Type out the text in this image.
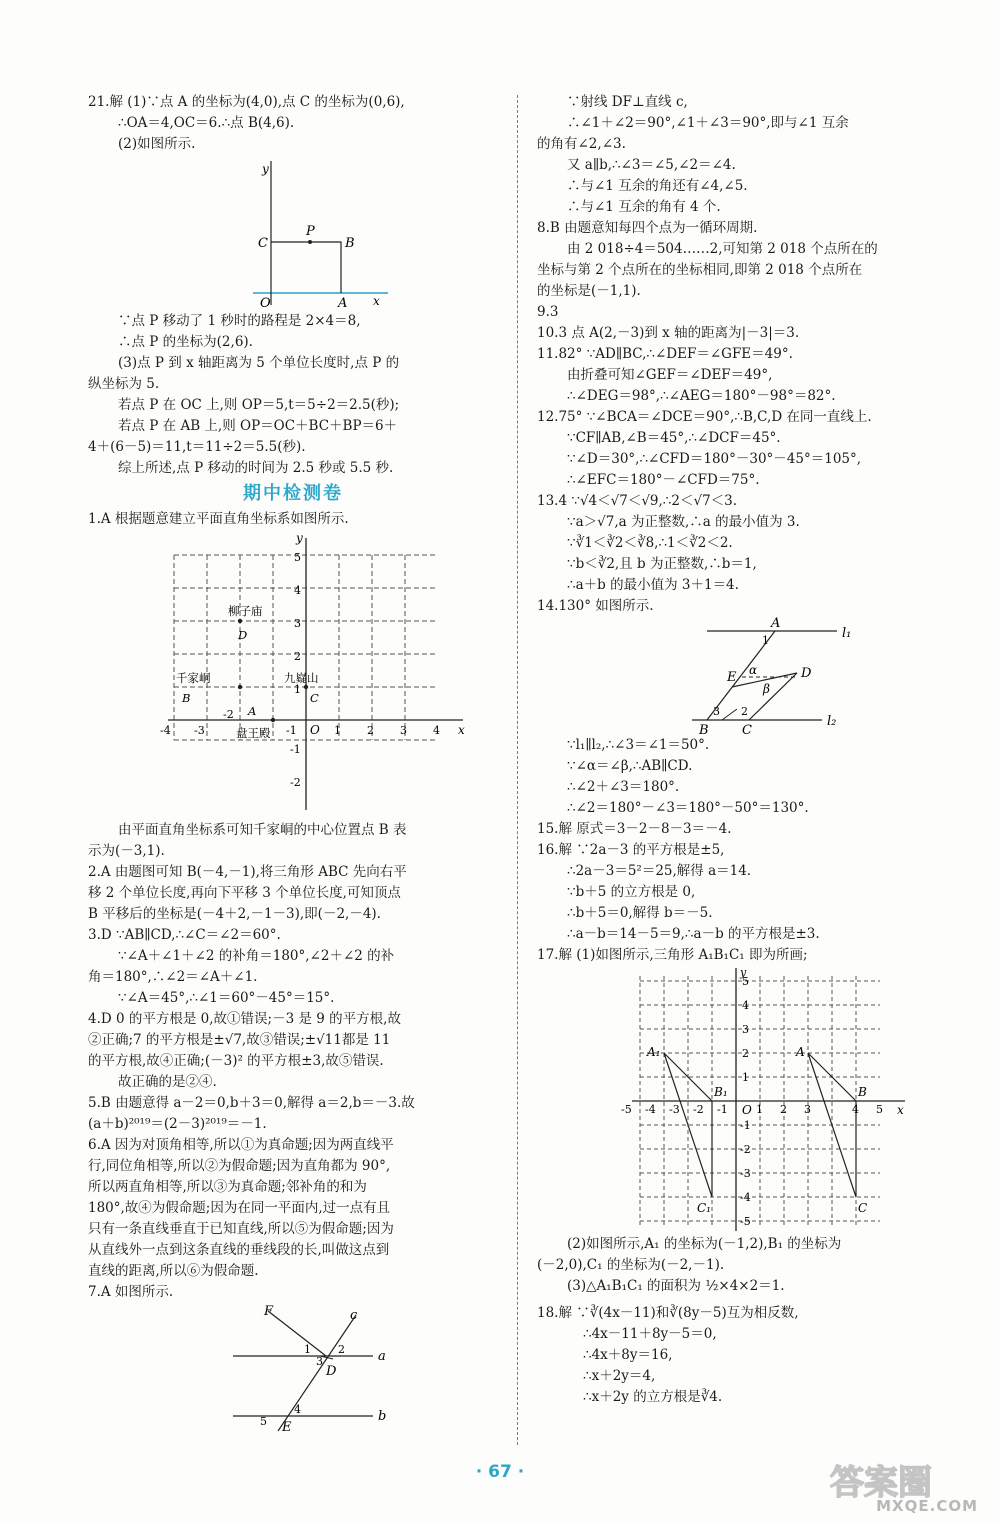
21.解 (1)∵点 A 的坐标为(4,0),点 C 的坐标为(0,6),
∴OA＝4,OC＝6.∴点 B(4,6).
(2)如图所示.
y
x
C
P
B
O	A
∵点 P 移动了 1 秒时的路程是 2×4＝8,
∴点 P 的坐标为(2,6).
(3)点 P 到 x 轴距离为 5 个单位长度时,点 P 的
纵坐标为 5.
若点 P 在 OC 上,则 OP＝5,t＝5÷2＝2.5(秒);
若点 P 在 AB 上,则 OP＝OC＋BC＋BP＝6＋
4＋(6－5)＝11,t＝11÷2＝5.5(秒).
综上所述,点 P 移动的时间为 2.5 秒或 5.5 秒.
期中检测卷
1.A 根据题意建立平面直角坐标系如图所示.
y
x
5
4
3
2
1
-1
-2
-4 -3
-2
-1	1 2 3 4
O
柳子庙
D
千家峒
B
九嶷山
C
盘王殿
A
由平面直角坐标系可知千家峒的中心位置点 B 表
示为(－3,1).
2.A 由题图可知 B(－4,－1),将三角形 ABC 先向右平
移 2 个单位长度,再向下平移 3 个单位长度,可知顶点
B 平移后的坐标是(－4＋2,－1－3),即(－2,－4).
3.D ∵AB∥CD,∴∠C＝∠2＝60°.
∵∠A＋∠1＋∠2 的补角＝180°,∠2＋∠2 的补
角＝180°,∴∠2＝∠A＋∠1.
∵∠A＝45°,∴∠1＝60°－45°＝15°.
4.D 0 的平方根是 0,故①错误;－3 是 9 的平方根,故
②正确;7 的平方根是±√7,故③错误;±√11都是 11
的平方根,故④正确;(－3)² 的平方根±3,故⑤错误.
故正确的是②④.
5.B 由题意得 a－2＝0,b＋3＝0,解得 a＝2,b＝－3.故
(a＋b)²⁰¹⁹＝(2－3)²⁰¹⁹＝－1.
6.A 因为对顶角相等,所以①为真命题;因为两直线平
行,同位角相等,所以②为假命题;因为直角都为 90°,
所以两直角相等,所以③为真命题;邻补角的和为
180°,故④为假命题;因为在同一平面内,过一点有且
只有一条直线垂直于已知直线,所以⑤为假命题;因为
从直线外一点到这条直线的垂线段的长,叫做这点到
直线的距离,所以⑥为假命题.
7.A 如图所示.
F	c
1
3
2	a
D
4
5	b
E
∵射线 DF⊥直线 c,
∴∠1＋∠2＝90°,∠1＋∠3＝90°,即与∠1 互余
的角有∠2,∠3.
又 a∥b,∴∠3＝∠5,∠2＝∠4.
∴与∠1 互余的角还有∠4,∠5.
∴与∠1 互余的角有 4 个.
8.B 由题意知每四个点为一循环周期.
由 2 018÷4＝504……2,可知第 2 018 个点所在的
坐标与第 2 个点所在的坐标相同,即第 2 018 个点所在
的坐标是(－1,1).
9.3
10.3 点 A(2,－3)到 x 轴的距离为|－3|＝3.
11.82° ∵AD∥BC,∴∠DEF＝∠GFE＝49°.
由折叠可知∠GEF＝∠DEF＝49°,
∴∠DEG＝98°,∴∠AEG＝180°－98°＝82°.
12.75° ∵∠BCA＝∠DCE＝90°,∴B,C,D 在同一直线上.
∵CF∥AB,∠B＝45°,∴∠DCF＝45°.
∵∠D＝30°,∴∠CFD＝180°－30°－45°＝105°,
∴∠EFC＝180°－∠CFD＝75°.
13.4 ∵√4＜√7＜√9,∴2＜√7＜3.
∵a＞√7,a 为正整数,∴a 的最小值为 3.
∵∛1＜∛2＜∛8,∴1＜∛2＜2.
∵b＜∛2,且 b 为正整数,∴b＝1,
∴a＋b 的最小值为 3＋1＝4.
14.130° 如图所示.
A
l₁
1
E α
β
D
3 2
l₂
B	C
∵l₁∥l₂,∴∠3＝∠1＝50°.
∵∠α＝∠β,∴AB∥CD.
∴∠2＋∠3＝180°.
∴∠2＝180°－∠3＝180°－50°＝130°.
15.解 原式＝3－2－8－3＝－4.
16.解 ∵2a－3 的平方根是±5,
∴2a－3＝5²＝25,解得 a＝14.
∵b＋5 的立方根是 0,
∴b＋5＝0,解得 b＝－5.
∴a－b＝14－5＝9,∴a－b 的平方根是±3.
17.解 (1)如图所示,三角形 A₁B₁C₁ 即为所画;
y
x
5
4
3
2
1
-1
-2
-3
-4
-5
-5 -4 -3 -2 -1	1 2 3	4 5
O
A₁
B₁
C₁
A
B
C
(2)如图所示,A₁ 的坐标为(－1,2),B₁ 的坐标为
(－2,0),C₁ 的坐标为(－2,－1).
(3)△A₁B₁C₁ 的面积为 ½×4×2＝1.
18.解 ∵∛(4x－11)和∛(8y－5)互为相反数,
∴4x－11＋8y－5＝0,
∴4x＋8y＝16,
∴x＋2y＝4,
∴x＋2y 的立方根是∛4.
· 67 ·	答案圈
MXQE.COM
